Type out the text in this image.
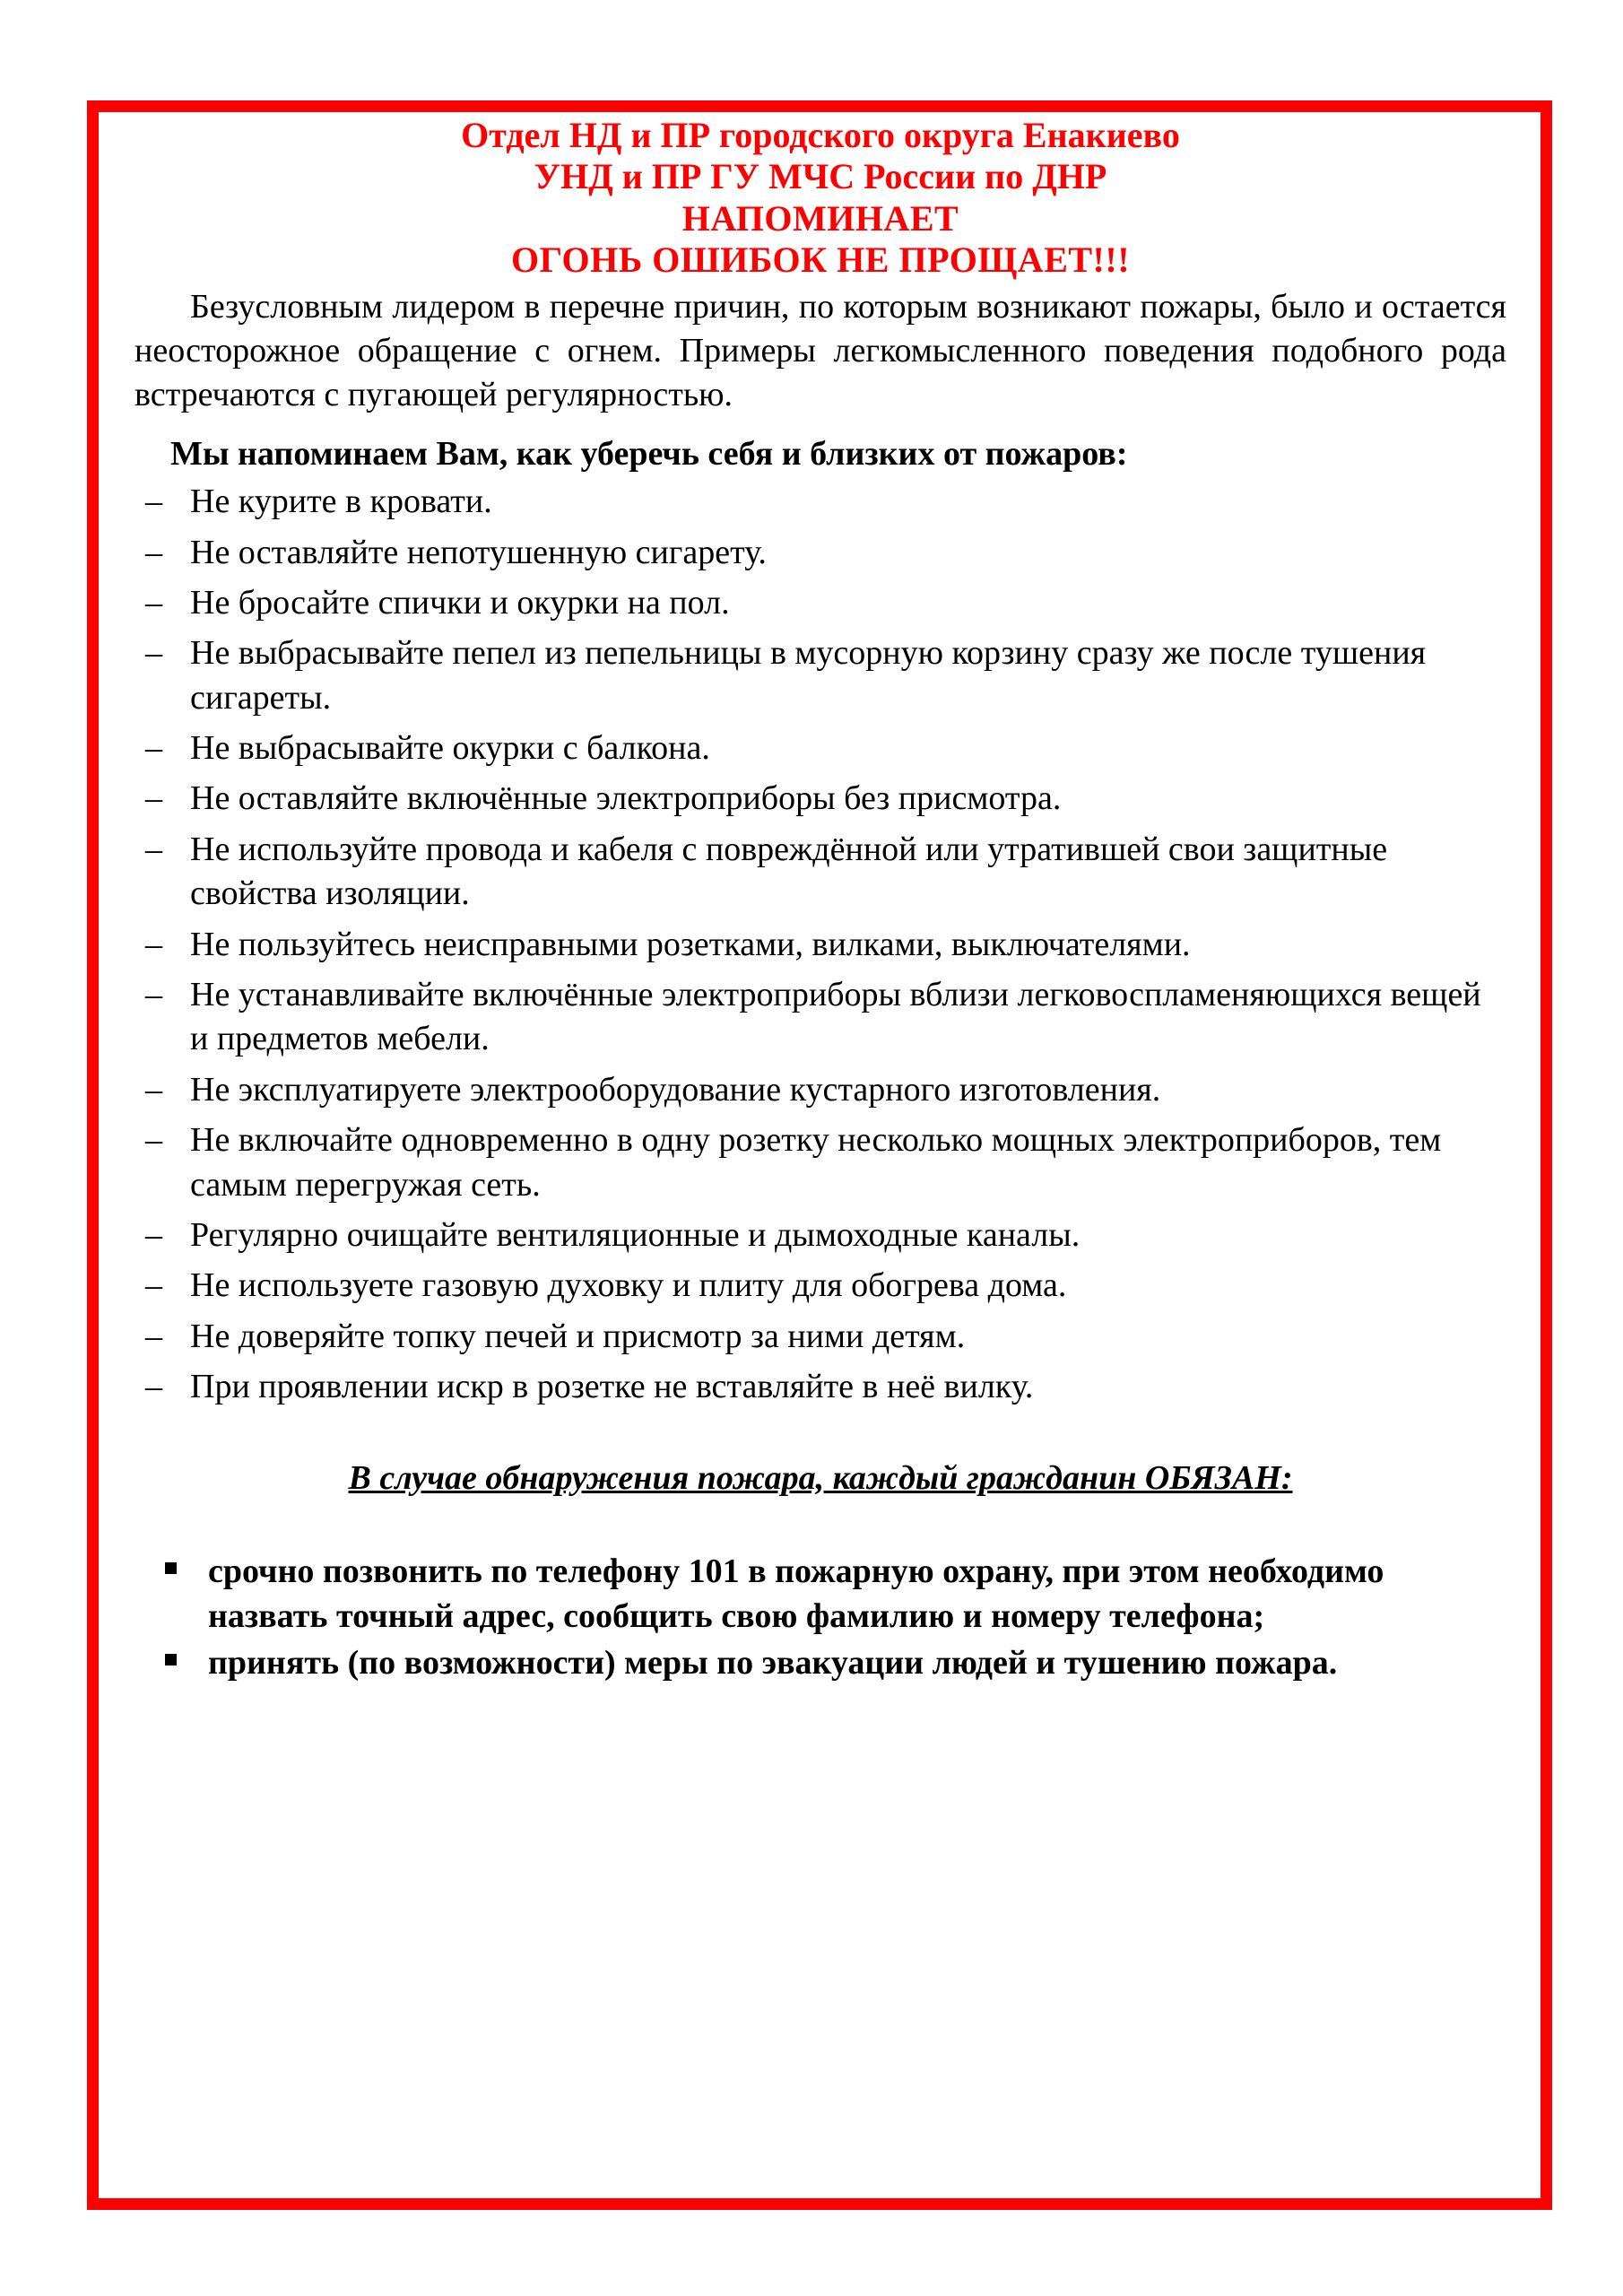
Отдел НД и ПР городского округа Енакиево
УНД и ПР ГУ МЧС России по ДНР
НАПОМИНАЕТ
ОГОНЬ ОШИБОК НЕ ПРОЩАЕТ!!!

Безусловным лидером в перечне причин, по которым возникают пожары, было и остается неосторожное обращение с огнем. Примеры легкомысленного поведения подобного рода встречаются с пугающей регулярностью.

Мы напоминаем Вам, как уберечь себя и близких от пожаров:

– Не курите в кровати.
– Не оставляйте непотушенную сигарету.
– Не бросайте спички и окурки на пол.
– Не выбрасывайте пепел из пепельницы в мусорную корзину сразу же после тушения сигареты.
– Не выбрасывайте окурки с балкона.
– Не оставляйте включённые электроприборы без присмотра.
– Не используйте провода и кабеля с повреждённой или утратившей свои защитные свойства изоляции.
– Не пользуйтесь неисправными розетками, вилками, выключателями.
– Не устанавливайте включённые электроприборы вблизи легковоспламеняющихся вещей и предметов мебели.
– Не эксплуатируете электрооборудование кустарного изготовления.
– Не включайте одновременно в одну розетку несколько мощных электроприборов, тем самым перегружая сеть.
– Регулярно очищайте вентиляционные и дымоходные каналы.
– Не используете газовую духовку и плиту для обогрева дома.
– Не доверяйте топку печей и присмотр за ними детям.
– При проявлении искр в розетке не вставляйте в неё вилку.

В случае обнаружения пожара, каждый гражданин ОБЯЗАН:

срочно позвонить по телефону 101 в пожарную охрану, при этом необходимо назвать точный адрес, сообщить свою фамилию и номеру телефона;
принять (по возможности) меры по эвакуации людей и тушению пожара.
